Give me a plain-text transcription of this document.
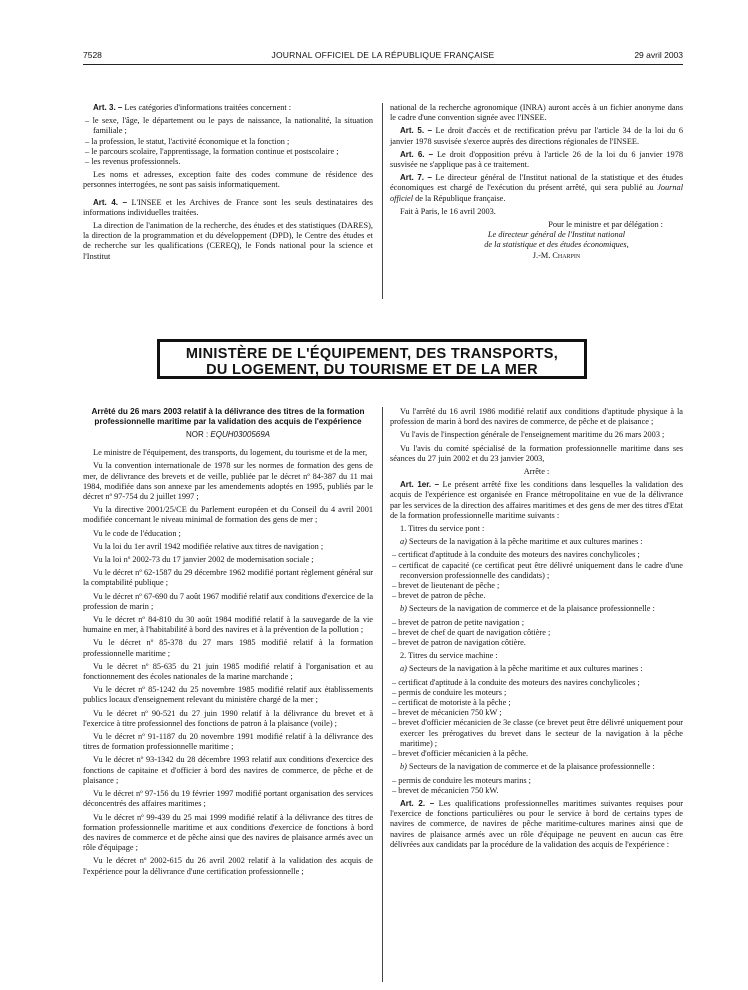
7528	JOURNAL OFFICIEL DE LA RÉPUBLIQUE FRANÇAISE	29 avril 2003

Art. 3. – Les catégories d'informations traitées concernent :

– le sexe, l'âge, le département ou le pays de naissance, la nationalité, la situation familiale ;
– la profession, le statut, l'activité économique et la fonction ;
– le parcours scolaire, l'apprentissage, la formation continue et postscolaire ;
– les revenus professionnels.

Les noms et adresses, exception faite des codes commune de résidence des personnes interrogées, ne sont pas saisis informatiquement.

Art. 4. – L'INSEE et les Archives de France sont les seuls destinataires des informations individuelles traitées.

La direction de l'animation de la recherche, des études et des statistiques (DARES), la direction de la programmation et du développement (DPD), le Centre des études et de recherche sur les qualifications (CEREQ), le Fonds national pour la science et l'Institut

national de la recherche agronomique (INRA) auront accès à un fichier anonyme dans le cadre d'une convention signée avec l'INSEE.

Art. 5. – Le droit d'accès et de rectification prévu par l'article 34 de la loi du 6 janvier 1978 susvisée s'exerce auprès des directions régionales de l'INSEE.

Art. 6. – Le droit d'opposition prévu à l'article 26 de la loi du 6 janvier 1978 susvisée ne s'applique pas à ce traitement.

Art. 7. – Le directeur général de l'Institut national de la statistique et des études économiques est chargé de l'exécution du présent arrêté, qui sera publié au Journal officiel de la République française.

Fait à Paris, le 16 avril 2003.

Pour le ministre et par délégation :

Le directeur général de l'Institut national

de la statistique et des études économiques,

J.-M. Charpin

MINISTÈRE DE L'ÉQUIPEMENT, DES TRANSPORTS,
DU LOGEMENT, DU TOURISME ET DE LA MER
Arrêté du 26 mars 2003 relatif à la délivrance des titres de la formation professionnelle maritime par la validation des acquis de l'expérience
NOR : EQUH0300569A

Le ministre de l'équipement, des transports, du logement, du tourisme et de la mer,

Vu la convention internationale de 1978 sur les normes de formation des gens de mer, de délivrance des brevets et de veille, publiée par le décret nº 84-387 du 11 mai 1984, modifiée dans son annexe par les amendements adoptés en 1995, publiés par le décret nº 97-754 du 2 juillet 1997 ;

Vu la directive 2001/25/CE du Parlement européen et du Conseil du 4 avril 2001 modifiée concernant le niveau minimal de formation des gens de mer ;

Vu le code de l'éducation ;

Vu la loi du 1er avril 1942 modifiée relative aux titres de navigation ;

Vu la loi nº 2002-73 du 17 janvier 2002 de modernisation sociale ;

Vu le décret nº 62-1587 du 29 décembre 1962 modifié portant règlement général sur la comptabilité publique ;

Vu le décret nº 67-690 du 7 août 1967 modifié relatif aux conditions d'exercice de la profession de marin ;

Vu le décret nº 84-810 du 30 août 1984 modifié relatif à la sauvegarde de la vie humaine en mer, à l'habitabilité à bord des navires et à la prévention de la pollution ;

Vu le décret nº 85-378 du 27 mars 1985 modifié relatif à la formation professionnelle maritime ;

Vu le décret nº 85-635 du 21 juin 1985 modifié relatif à l'organisation et au fonctionnement des écoles nationales de la marine marchande ;

Vu le décret nº 85-1242 du 25 novembre 1985 modifié relatif aux établissements publics locaux d'enseignement relevant du ministère chargé de la mer ;

Vu le décret nº 90-521 du 27 juin 1990 relatif à la délivrance du brevet et à l'exercice à titre professionnel des fonctions de patron à la plaisance (voile) ;

Vu le décret nº 91-1187 du 20 novembre 1991 modifié relatif à la délivrance des titres de formation professionnelle maritime ;

Vu le décret nº 93-1342 du 28 décembre 1993 relatif aux conditions d'exercice des fonctions de capitaine et d'officier à bord des navires de commerce, de pêche et de plaisance ;

Vu le décret nº 97-156 du 19 février 1997 modifié portant organisation des services déconcentrés des affaires maritimes ;

Vu le décret nº 99-439 du 25 mai 1999 modifié relatif à la délivrance des titres de formation professionnelle maritime et aux conditions d'exercice de fonctions à bord des navires de commerce et de pêche ainsi que des navires de plaisance armés avec un rôle d'équipage ;

Vu le décret nº 2002-615 du 26 avril 2002 relatif à la validation des acquis de l'expérience pour la délivrance d'une certification professionnelle ;

Vu l'arrêté du 16 avril 1986 modifié relatif aux conditions d'aptitude physique à la profession de marin à bord des navires de commerce, de pêche et de plaisance ;

Vu l'avis de l'inspection générale de l'enseignement maritime du 26 mars 2003 ;

Vu l'avis du comité spécialisé de la formation professionnelle maritime dans ses séances du 27 juin 2002 et du 23 janvier 2003,

Arrête :

Art. 1er. – Le présent arrêté fixe les conditions dans lesquelles la validation des acquis de l'expérience est organisée en France métropolitaine en vue de la délivrance par les services de la direction des affaires maritimes et des gens de mer des titres d'Etat de la formation professionnelle maritime suivants :

1. Titres du service pont :

a) Secteurs de la navigation à la pêche maritime et aux cultures marines :

– certificat d'aptitude à la conduite des moteurs des navires conchylicoles ;
– certificat de capacité (ce certificat peut être délivré uniquement dans le cadre d'une reconversion professionnelle des candidats) ;
– brevet de lieutenant de pêche ;
– brevet de patron de pêche.

b) Secteurs de la navigation de commerce et de la plaisance professionnelle :

– brevet de patron de petite navigation ;
– brevet de chef de quart de navigation côtière ;
– brevet de patron de navigation côtière.

2. Titres du service machine :

a) Secteurs de la navigation à la pêche maritime et aux cultures marines :

– certificat d'aptitude à la conduite des moteurs des navires conchylicoles ;
– permis de conduire les moteurs ;
– certificat de motoriste à la pêche ;
– brevet de mécanicien 750 kW ;
– brevet d'officier mécanicien de 3e classe (ce brevet peut être délivré uniquement pour exercer les prérogatives du brevet dans le secteur de la navigation à la pêche maritime) ;
– brevet d'officier mécanicien à la pêche.

b) Secteurs de la navigation de commerce et de la plaisance professionnelle :

– permis de conduire les moteurs marins ;
– brevet de mécanicien 750 kW.

Art. 2. – Les qualifications professionnelles maritimes suivantes requises pour l'exercice de fonctions particulières ou pour le service à bord de certains types de navires de commerce, de navires de pêche maritime-cultures marines ainsi que de navires de plaisance armés avec un rôle d'équipage ne peuvent en aucun cas être délivrées aux candidats par la procédure de la validation des acquis de l'expérience :
